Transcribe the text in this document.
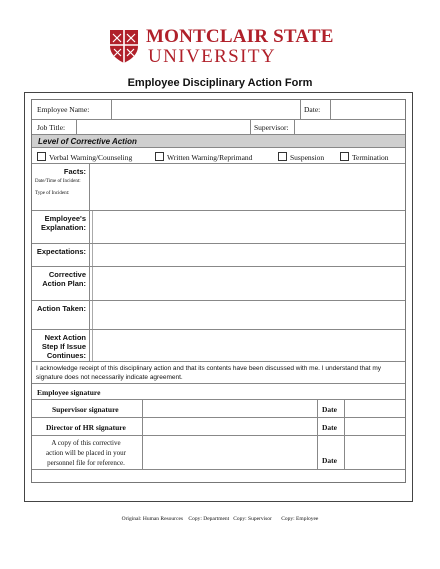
MONTCLAIR STATE
UNIVERSITY
Employee Disciplinary Action Form
Employee Name:	Date:
Job Title:	Supervisor:
Level of Corrective Action
Verbal Warning/Counseling	Written Warning/Reprimand	Suspension	Termination
Facts:
Date/Time of Incident:
Type of Incident:
Employee's
Explanation:
Expectations:
Corrective
Action Plan:
Action Taken:
Next Action
Step If Issue
Continues:
I acknowledge receipt of this disciplinary action and that its contents have been discussed with me. I understand that my signature does not necessarily indicate agreement.
Employee signature
Supervisor signature	Date
Director of HR signature	Date
A copy of this corrective
action will be placed in your
personnel file for reference.	Date
Original: Human Resources Copy: Department Copy: Supervisor Copy: Employee
